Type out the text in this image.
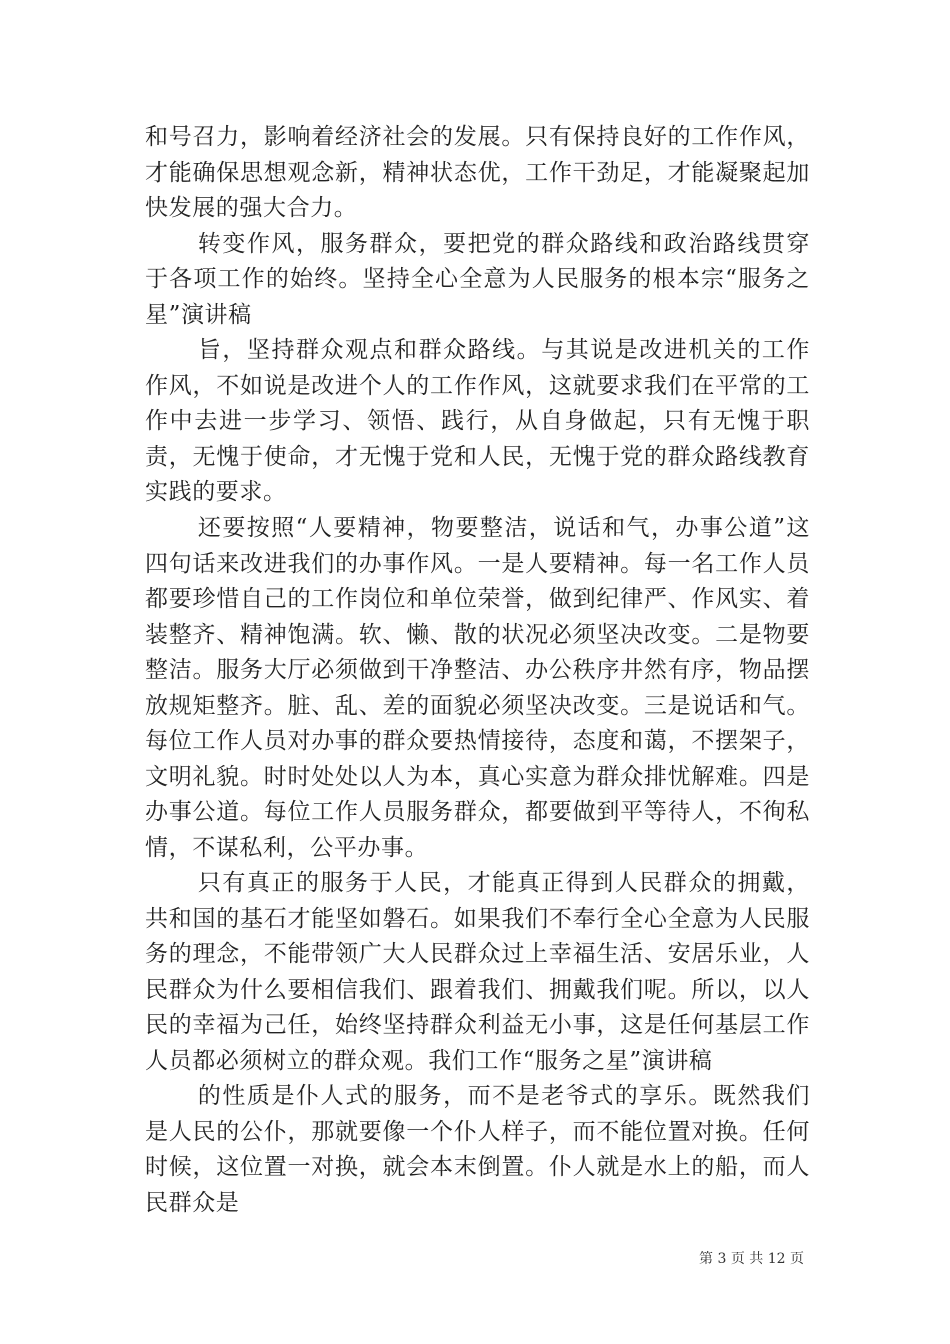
和号召力，影响着经济社会的发展。只有保持良好的工作作风，才能确保思想观念新，精神状态优，工作干劲足，才能凝聚起加快发展的强大合力。

转变作风，服务群众，要把党的群众路线和政治路线贯穿于各项工作的始终。坚持全心全意为人民服务的根本宗“服务之星”演讲稿

旨，坚持群众观点和群众路线。与其说是改进机关的工作作风，不如说是改进个人的工作作风，这就要求我们在平常的工作中去进一步学习、领悟、践行，从自身做起，只有无愧于职责，无愧于使命，才无愧于党和人民，无愧于党的群众路线教育实践的要求。

还要按照“人要精神，物要整洁，说话和气，办事公道”这四句话来改进我们的办事作风。一是人要精神。每一名工作人员都要珍惜自己的工作岗位和单位荣誉，做到纪律严、作风实、着装整齐、精神饱满。软、懒、散的状况必须坚决改变。二是物要整洁。服务大厅必须做到干净整洁、办公秩序井然有序，物品摆放规矩整齐。脏、乱、差的面貌必须坚决改变。三是说话和气。每位工作人员对办事的群众要热情接待，态度和蔼，不摆架子，文明礼貌。时时处处以人为本，真心实意为群众排忧解难。四是办事公道。每位工作人员服务群众，都要做到平等待人，不徇私情，不谋私利，公平办事。

只有真正的服务于人民，才能真正得到人民群众的拥戴，共和国的基石才能坚如磐石。如果我们不奉行全心全意为人民服务的理念，不能带领广大人民群众过上幸福生活、安居乐业，人民群众为什么要相信我们、跟着我们、拥戴我们呢。所以，以人民的幸福为己任，始终坚持群众利益无小事，这是任何基层工作人员都必须树立的群众观。我们工作“服务之星”演讲稿

的性质是仆人式的服务，而不是老爷式的享乐。既然我们是人民的公仆，那就要像一个仆人样子，而不能位置对换。任何时候，这位置一对换，就会本末倒置。仆人就是水上的船，而人民群众是

第 3 页 共 12 页
